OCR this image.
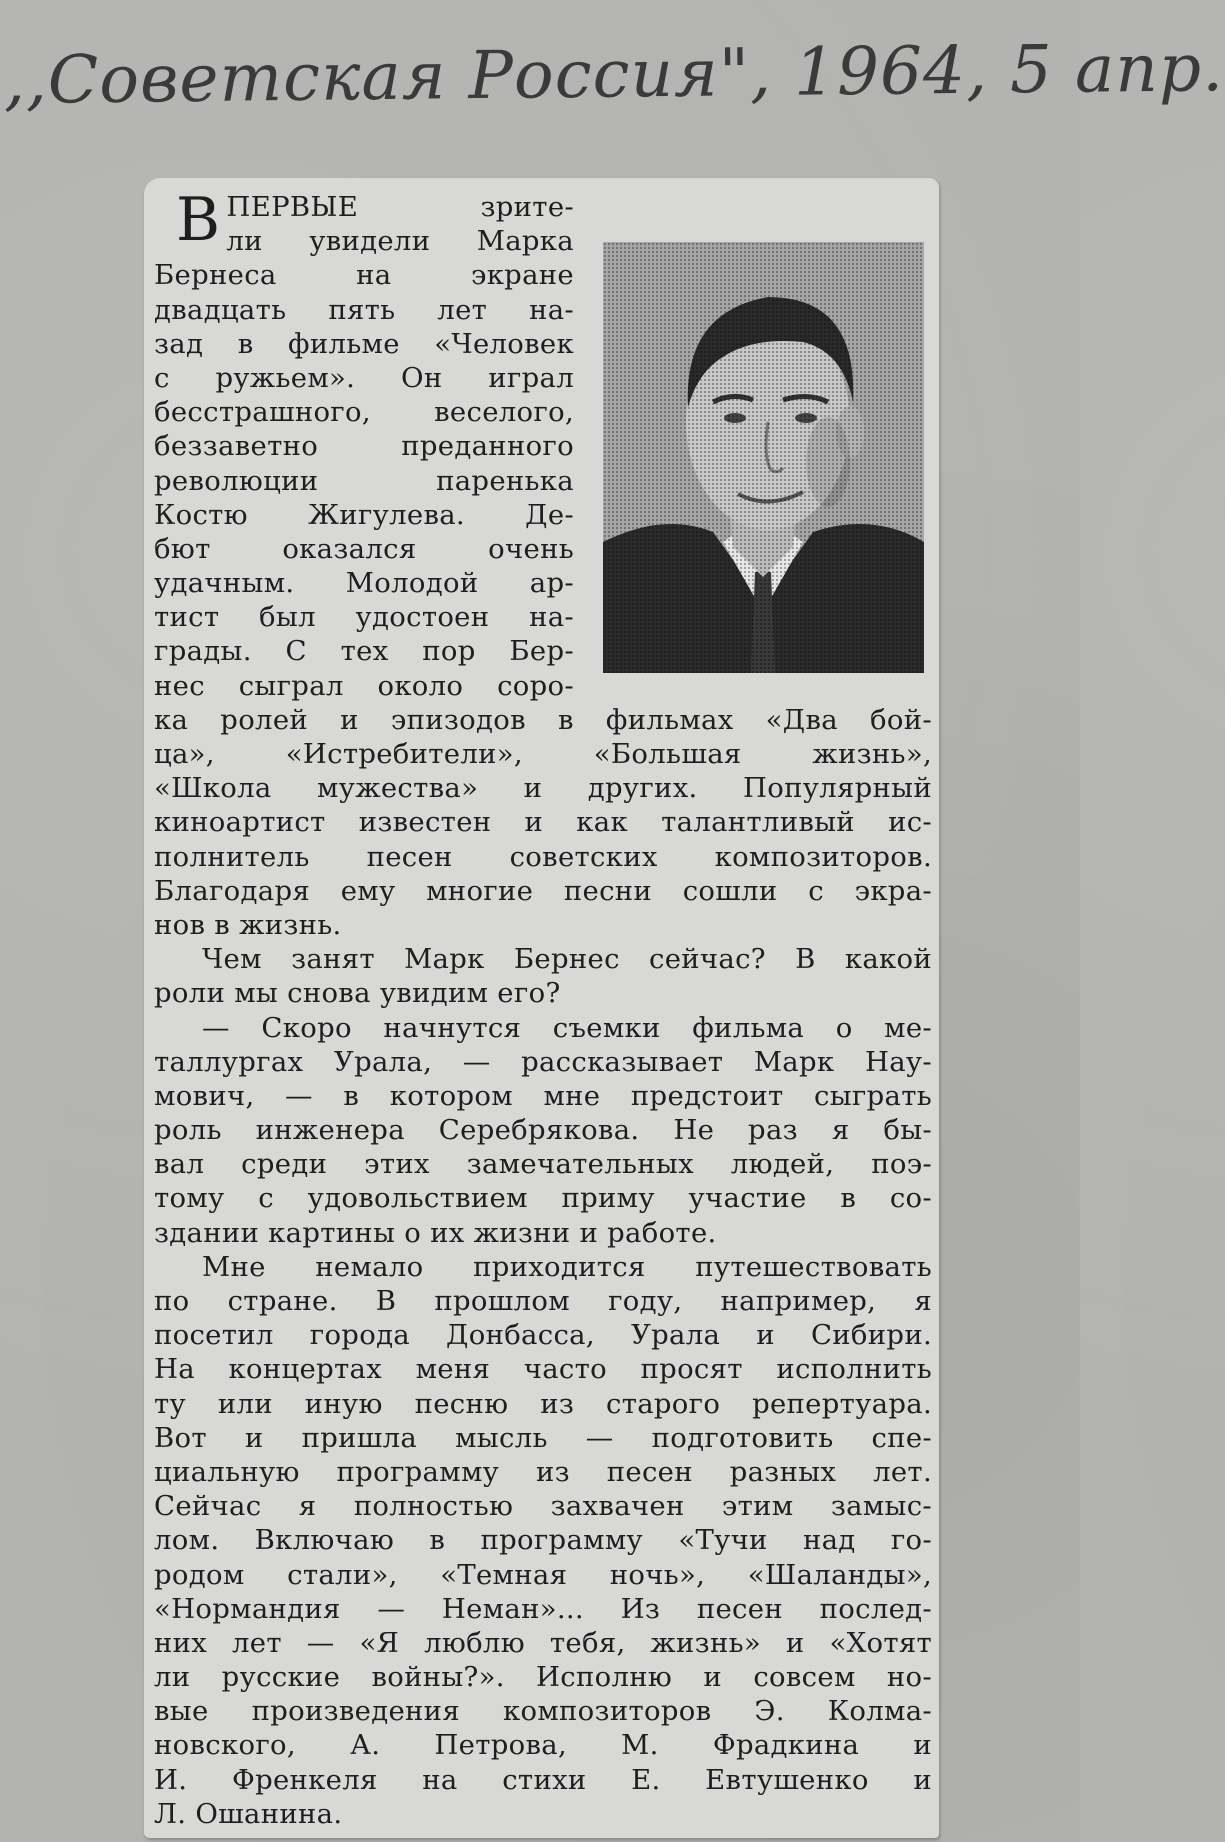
,,Советская Россия", 1964, 5 апр.
В ПЕРВЫЕ зрите-
ли увидели Марка
Бернеса на экране
двадцать пять лет на-
зад в фильме «Человек
с ружьем». Он играл
бесстрашного, веселого,
беззаветно преданного
революции паренька
Костю Жигулева. Де-
бют оказался очень
удачным. Молодой ар-
тист был удостоен на-
грады. С тех пор Бер-
нес сыграл около соро-
ка ролей и эпизодов в фильмах «Два бой-
ца», «Истребители», «Большая жизнь»,
«Школа мужества» и других. Популярный
киноартист известен и как талантливый ис-
полнитель песен советских композиторов.
Благодаря ему многие песни сошли с экра-
нов в жизнь.
Чем занят Марк Бернес сейчас? В какой
роли мы снова увидим его?
— Скоро начнутся съемки фильма о ме-
таллургах Урала, — рассказывает Марк Нау-
мович, — в котором мне предстоит сыграть
роль инженера Серебрякова. Не раз я бы-
вал среди этих замечательных людей, поэ-
тому с удовольствием приму участие в со-
здании картины о их жизни и работе.
Мне немало приходится путешествовать
по стране. В прошлом году, например, я
посетил города Донбасса, Урала и Сибири.
На концертах меня часто просят исполнить
ту или иную песню из старого репертуара.
Вот и пришла мысль — подготовить спе-
циальную программу из песен разных лет.
Сейчас я полностью захвачен этим замыс-
лом. Включаю в программу «Тучи над го-
родом стали», «Темная ночь», «Шаланды»,
«Нормандия — Неман»... Из песен послед-
них лет — «Я люблю тебя, жизнь» и «Хотят
ли русские войны?». Исполню и совсем но-
вые произведения композиторов Э. Колма-
новского, А. Петрова, М. Фрадкина и
И. Френкеля на стихи Е. Евтушенко и
Л. Ошанина.
